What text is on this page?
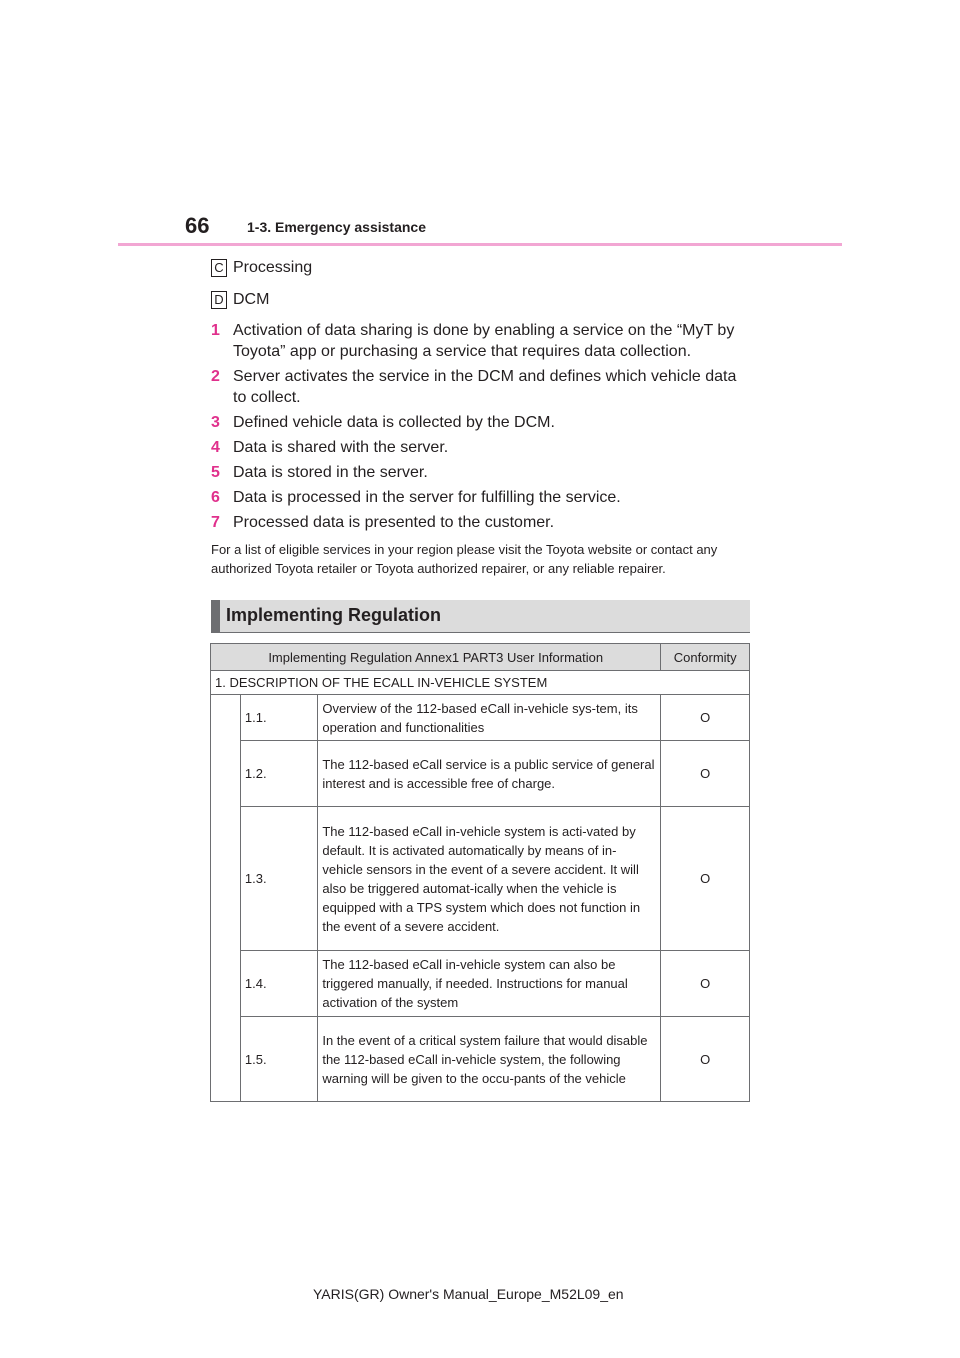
66	1-3. Emergency assistance
C Processing
D DCM
1 Activation of data sharing is done by enabling a service on the “MyT by Toyota” app or purchasing a service that requires data collection.
2 Server activates the service in the DCM and defines which vehicle data to collect.
3 Defined vehicle data is collected by the DCM.
4 Data is shared with the server.
5 Data is stored in the server.
6 Data is processed in the server for fulfilling the service.
7 Processed data is presented to the customer.
For a list of eligible services in your region please visit the Toyota website or contact any authorized Toyota retailer or Toyota authorized repairer, or any reliable repairer.
Implementing Regulation
Implementing Regulation Annex1 PART3 User Information			Conformity
1. DESCRIPTION OF THE ECALL IN-VEHICLE SYSTEM			
	1.1.	Overview of the 112-based eCall in-vehicle sys-tem, its operation and functionalities	O
	1.2.	The 112-based eCall service is a public service of general interest and is accessible free of charge.	O
	1.3.	The 112-based eCall in-vehicle system is acti-vated by default. It is activated automatically by means of in-vehicle sensors in the event of a severe accident. It will also be triggered automat-ically when the vehicle is equipped with a TPS system which does not function in the event of a severe accident.	O
	1.4.	The 112-based eCall in-vehicle system can also be triggered manually, if needed. Instructions for manual activation of the system	O
	1.5.	In the event of a critical system failure that would disable the 112-based eCall in-vehicle system, the following warning will be given to the occu-pants of the vehicle	O
YARIS(GR) Owner's Manual_Europe_M52L09_en
